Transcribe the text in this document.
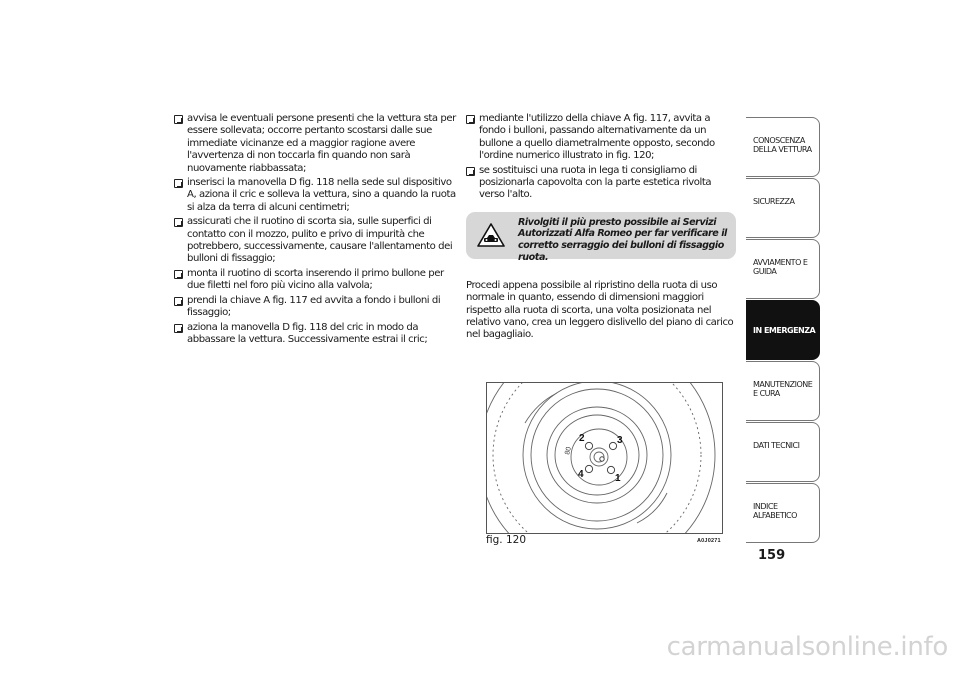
avvisa le eventuali persone presenti che la vettura sta per essere sollevata; occorre pertanto scostarsi dalle sue immediate vicinanze ed a maggior ragione avere l'avvertenza di non toccarla fin quando non sarà nuovamente riabbassata;
inserisci la manovella D fig. 118 nella sede sul dispositivo A, aziona il cric e solleva la vettura, sino a quando la ruota si alza da terra di alcuni centimetri;
assicurati che il ruotino di scorta sia, sulle superfici di contatto con il mozzo, pulito e privo di impurità che potrebbero, successivamente, causare l'allentamento dei bulloni di fissaggio;
monta il ruotino di scorta inserendo il primo bullone per due filetti nel foro più vicino alla valvola;
prendi la chiave A fig. 117 ed avvita a fondo i bulloni di fissaggio;
aziona la manovella D fig. 118 del cric in modo da abbassare la vettura. Successivamente estrai il cric;
mediante l'utilizzo della chiave A fig. 117, avvita a fondo i bulloni, passando alternativamente da un bullone a quello diametralmente opposto, secondo l'ordine numerico illustrato in fig. 120;
se sostituisci una ruota in lega ti consigliamo di posizionarla capovolta con la parte estetica rivolta verso l'alto.
Rivolgiti il più presto possibile ai Servizi Autorizzati Alfa Romeo per far verificare il corretto serraggio dei bulloni di fissaggio ruota.
Procedi appena possibile al ripristino della ruota di uso normale in quanto, essendo di dimensioni maggiori rispetto alla ruota di scorta, una volta posizionata nel relativo vano, crea un leggero dislivello del piano di carico nel bagagliaio.
2	3
4	1
80
fig. 120	A0J0271
CONOSCENZA DELLA VETTURA
SICUREZZA
AVVIAMENTO E GUIDA
IN EMERGENZA
MANUTENZIONE E CURA
DATI TECNICI
INDICE ALFABETICO
159
carmanualsonline.info
